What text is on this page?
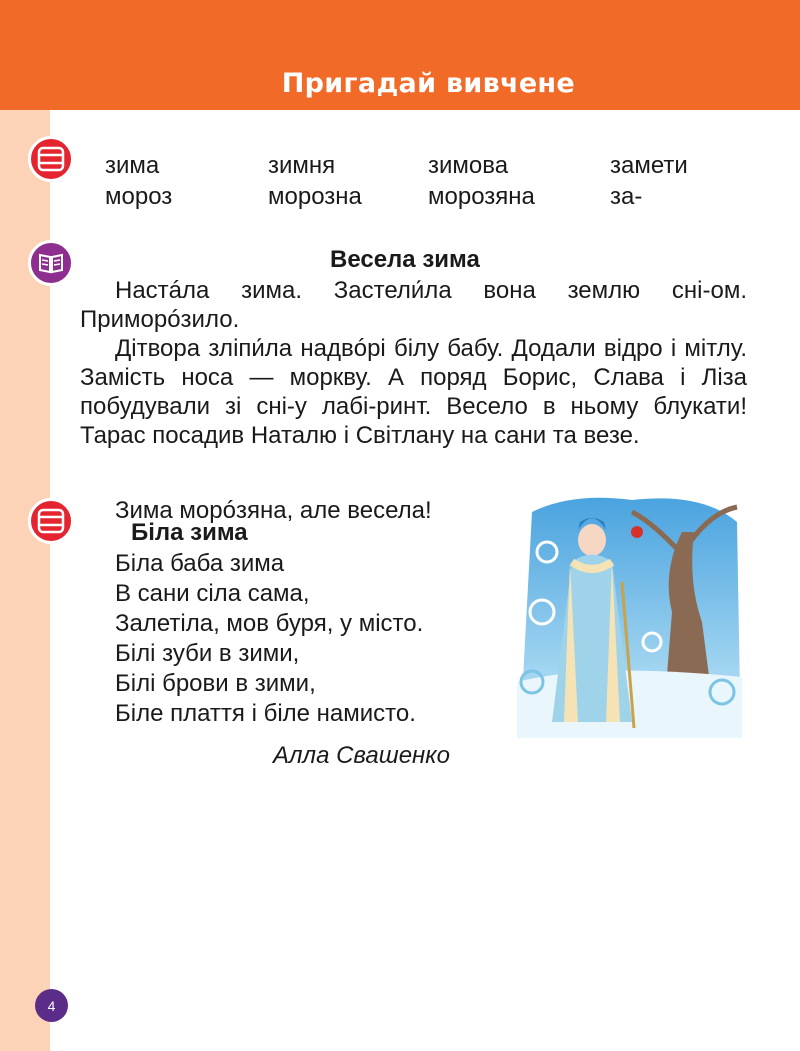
Пригадай вивчене
зима	зимня	зимова	замети
мороз	морозна	морозяна	за-
Весела зима

Настáла зима. Застели́ла вона землю сні-ом. Приморóзило.

Дітвора зліпи́ла надвóрі білу бабу. Додали відро і мітлу. Замість носа — моркву. А поряд Борис, Слава і Ліза побудували зі сні-у лабі-ринт. Весело в ньому блукати! Тарас посадив Наталю і Світлану на сани та везе.

Зима морóзяна, але весела!
Біла зима
Біла баба зима
В сани сіла сама,
Залетіла, мов буря, у місто.
Білі зуби в зими,
Білі брови в зими,
Біле плаття і біле намисто.
Алла Свашенко
4
